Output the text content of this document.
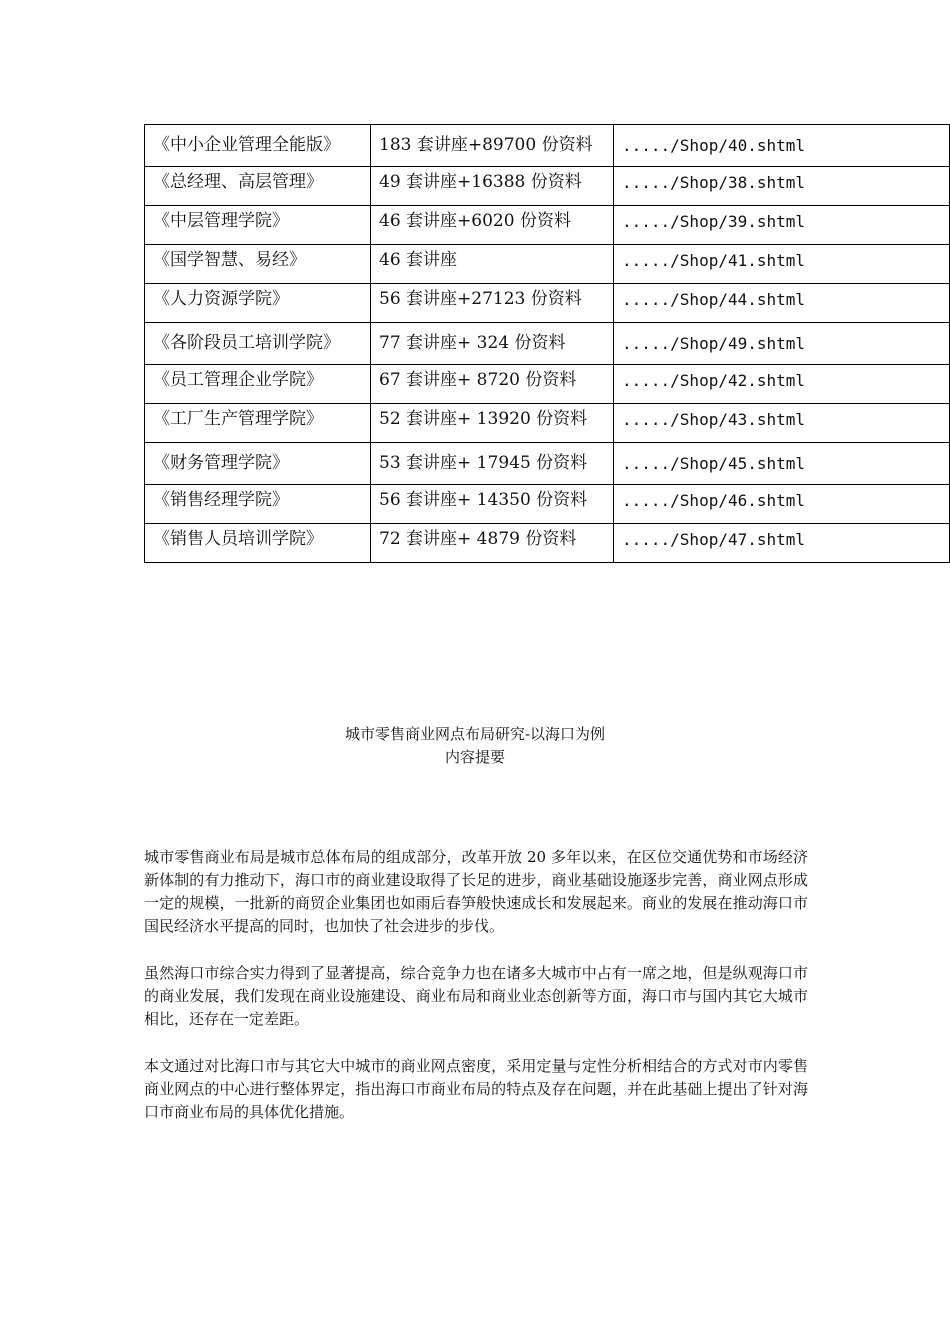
《中小企业管理全能版》	183 套讲座+89700 份资料	...../Shop/40.shtml
《总经理、高层管理》	49 套讲座+16388 份资料	...../Shop/38.shtml
《中层管理学院》	46 套讲座+6020 份资料	...../Shop/39.shtml
《国学智慧、易经》	46 套讲座	...../Shop/41.shtml
《人力资源学院》	56 套讲座+27123 份资料	...../Shop/44.shtml
《各阶段员工培训学院》	77 套讲座+ 324 份资料	...../Shop/49.shtml
《员工管理企业学院》	67 套讲座+ 8720 份资料	...../Shop/42.shtml
《工厂生产管理学院》	52 套讲座+ 13920 份资料	...../Shop/43.shtml
《财务管理学院》	53 套讲座+ 17945 份资料	...../Shop/45.shtml
《销售经理学院》	56 套讲座+ 14350 份资料	...../Shop/46.shtml
《销售人员培训学院》	72 套讲座+ 4879 份资料	...../Shop/47.shtml
城市零售商业网点布局研究-以海口为例
内容提要

城市零售商业布局是城市总体布局的组成部分，改革开放 20 多年以来，在区位交通优势和市场经济新体制的有力推动下，海口市的商业建设取得了长足的进步，商业基础设施逐步完善，商业网点形成一定的规模，一批新的商贸企业集团也如雨后春笋般快速成长和发展起来。商业的发展在推动海口市国民经济水平提高的同时，也加快了社会进步的步伐。

虽然海口市综合实力得到了显著提高，综合竞争力也在诸多大城市中占有一席之地，但是纵观海口市的商业发展，我们发现在商业设施建设、商业布局和商业业态创新等方面，海口市与国内其它大城市相比，还存在一定差距。

本文通过对比海口市与其它大中城市的商业网点密度，采用定量与定性分析相结合的方式对市内零售商业网点的中心进行整体界定，指出海口市商业布局的特点及存在问题，并在此基础上提出了针对海口市商业布局的具体优化措施。
